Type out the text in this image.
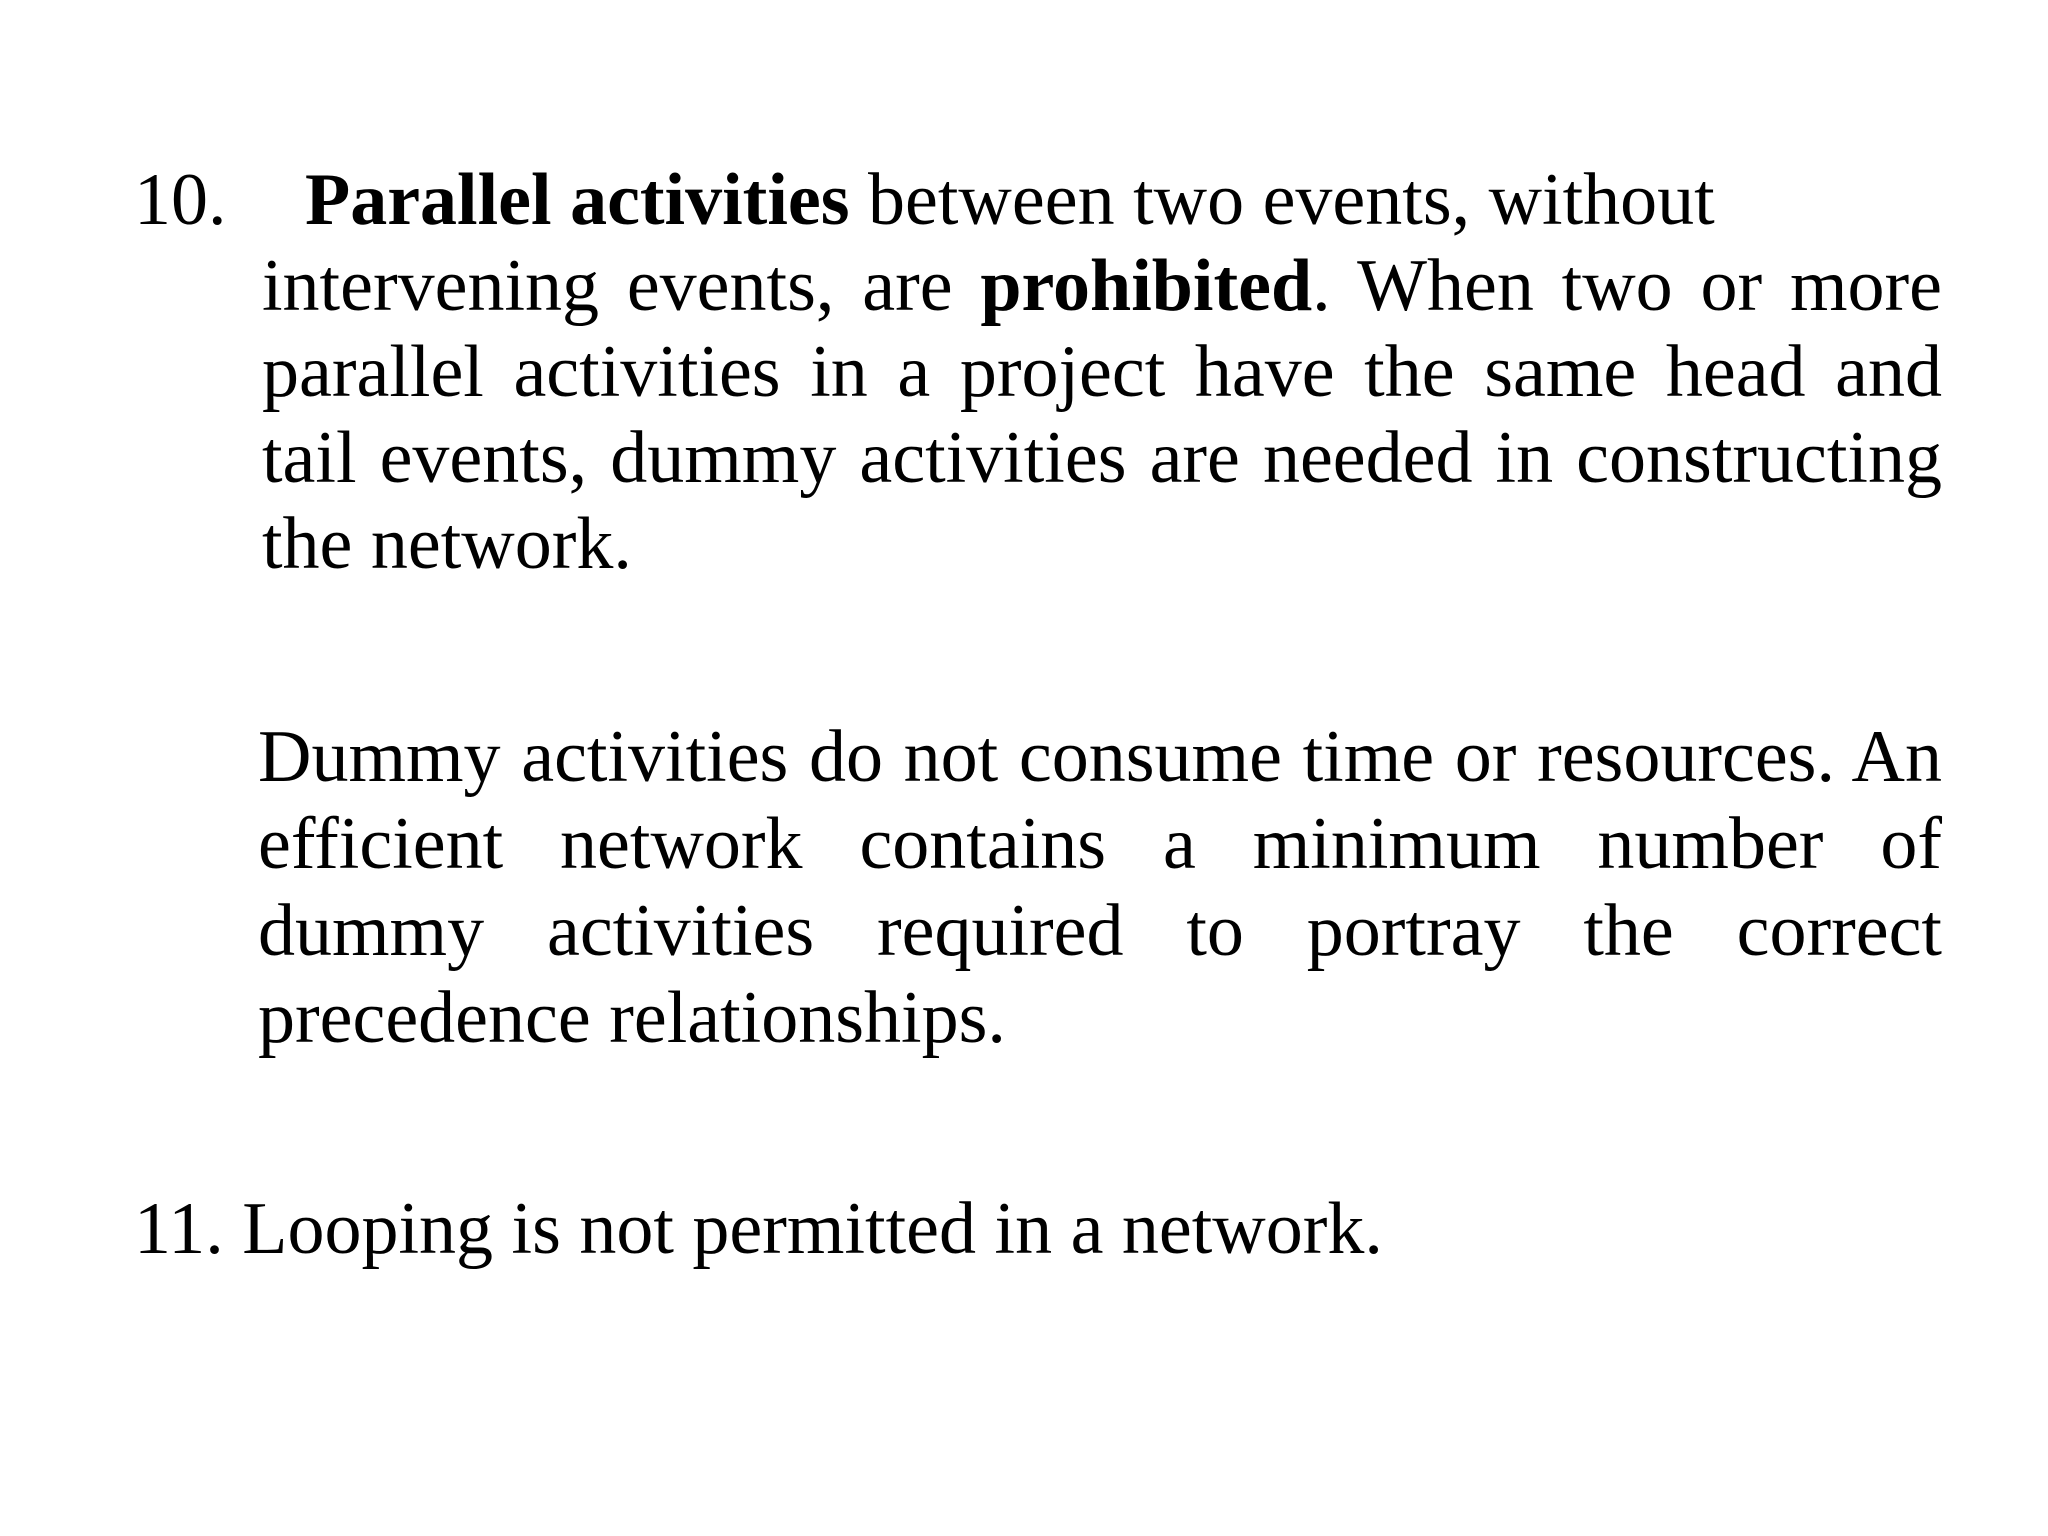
10. Parallel activities between two events, without
intervening events, are prohibited. When two or more parallel activities in a project have the same head and tail events, dummy activities are needed in constructing the network.
Dummy activities do not consume time or resources. An efficient network contains a minimum number of dummy activities required to portray the correct precedence relationships.
11. Looping is not permitted in a network.
